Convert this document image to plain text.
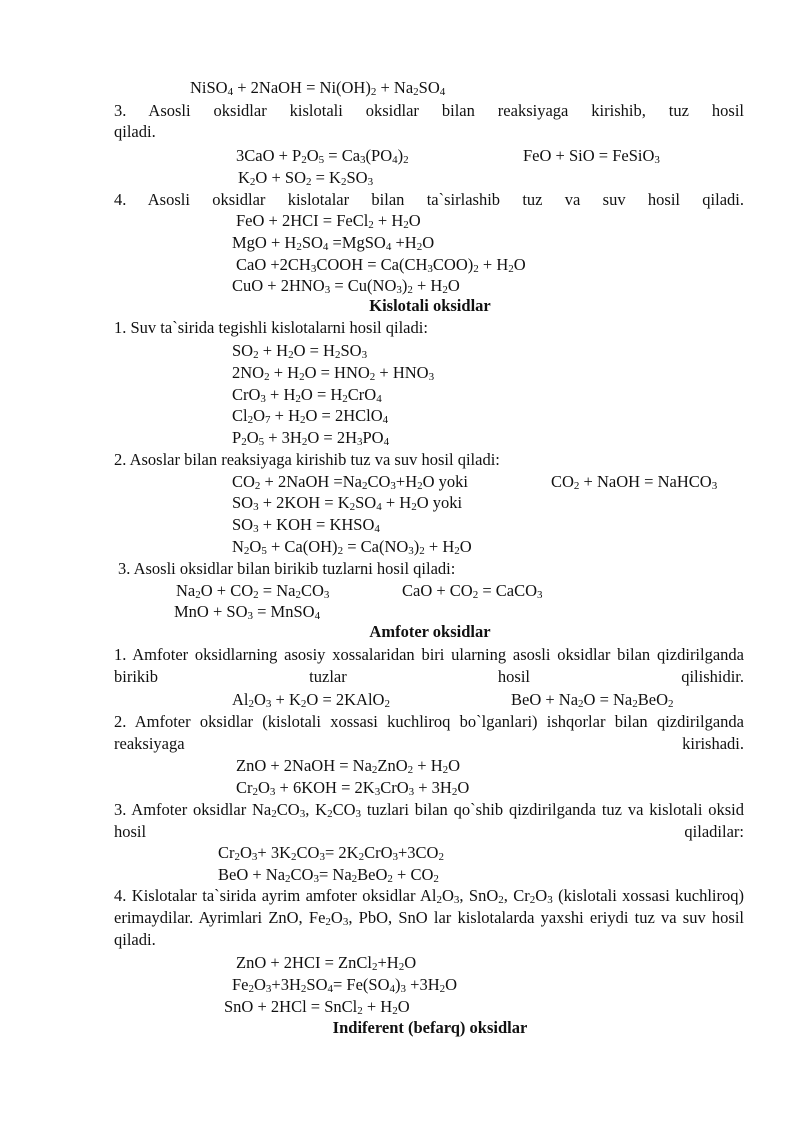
NiSO$_4$ + 2NaOH = $Ni(OH)_2 + Na_2SO_4$
3. Asosli oksidlar kislotali oksidlar bilan reaksiyaga kirishib, tuz hosil
qiladi.
$3CaO + P_2O_5 = Ca_3(PO_4)_2$	FeO + SiO = FeSiO$_3$
$K_2O + SO_2 = K_2SO_3$
4. Asosli oksidlar kislotalar bilan ta`sirlashib tuz va suv hosil qiladi.
FeO + 2HCI = FeCl$_2$ + $H_2O$
MgO + $H_2SO_4$ =MgSO$_4$ $+H_2O$
CaO $+2CH_3COOH = Ca(CH_3COO)_2 + H_2O$
CuO + $2HNO_3 = Cu(NO_3)_2 + H_2O$
Kislotali oksidlar
1. Suv ta`sirida tegishli kislotalarni hosil qiladi:
$SO_2 + H_2O = H_2SO_3$
$2NO_2 + H_2O = HNO_2 + HNO_3$
$CrO_3 + H_2O = H_2CrO_4$
$Cl_2O_7 + H_2O$ = 2HClO$_4$
$P_2O_5 + 3H_2O = 2H_3PO_4$
2. Asoslar bilan reaksiyaga kirishib tuz va suv hosil qiladi:
$CO_2$ + 2NaOH $=Na_2CO_3+H_2O$ yoki	$CO_2$ + NaOH = NaHCO$_3$
$SO_3 + 2KOH = K_2SO_4 + H_2O$ yoki
$SO_3$ + KOH = $KHSO_4$
$N_2O_5 + Ca(OH)_2 = Ca(NO_3)_2 + H_2O$
3. Asosli oksidlar bilan birikib tuzlarni hosil qiladi:
$Na_2O + CO_2 = Na_2CO_3$	CaO + $CO_2$ = CaCO$_3$
MnO + $SO_3$ = MnSO$_4$
Amfoter oksidlar
1. Amfoter oksidlarning asosiy xossalaridan biri ularning asosli oksidlar bilan qizdirilganda birikib tuzlar hosil qilishidir.
$Al_2O_3 + K_2O$ = 2KAlO$_2$	BeO + $Na_2O = Na_2BeO_2$
2. Amfoter oksidlar (kislotali xossasi kuchliroq bo`lganlari) ishqorlar bilan qizdirilganda reaksiyaga kirishadi.
ZnO + 2NaOH = $Na_2ZnO_2 + H_2O$
$Cr_2O_3 + 6KOH = 2K_3CrO_3 + 3H_2O$
3. Amfoter oksidlar $Na_2CO_3$, $K_2CO_3$ tuzlari bilan qo`shib qizdirilganda tuz va kislotali oksid hosil qiladilar:
$Cr_2O_3+ 3K_2CO_3= 2K_2CrO_3+3CO_2$
BeO + $Na_2CO_3= Na_2BeO_2 + CO_2$
4. Kislotalar ta`sirida ayrim amfoter oksidlar $Al_2O_3$, SnO$_2$, $Cr_2O_3$ (kislotali xossasi kuchliroq) erimaydilar. Ayrimlari ZnO, $Fe_2O_3$, PbO, SnO lar kislotalarda yaxshi eriydi tuz va suv hosil qiladi.
ZnO + $2HCI = ZnCl_2+H_2O$
$Fe_2O_3+3H_2SO_4= Fe(SO_4)_3 +3H_2O$
SnO + 2HCl = SnCl$_2$ + $H_2O$
Indiferent (befarq) oksidlar
